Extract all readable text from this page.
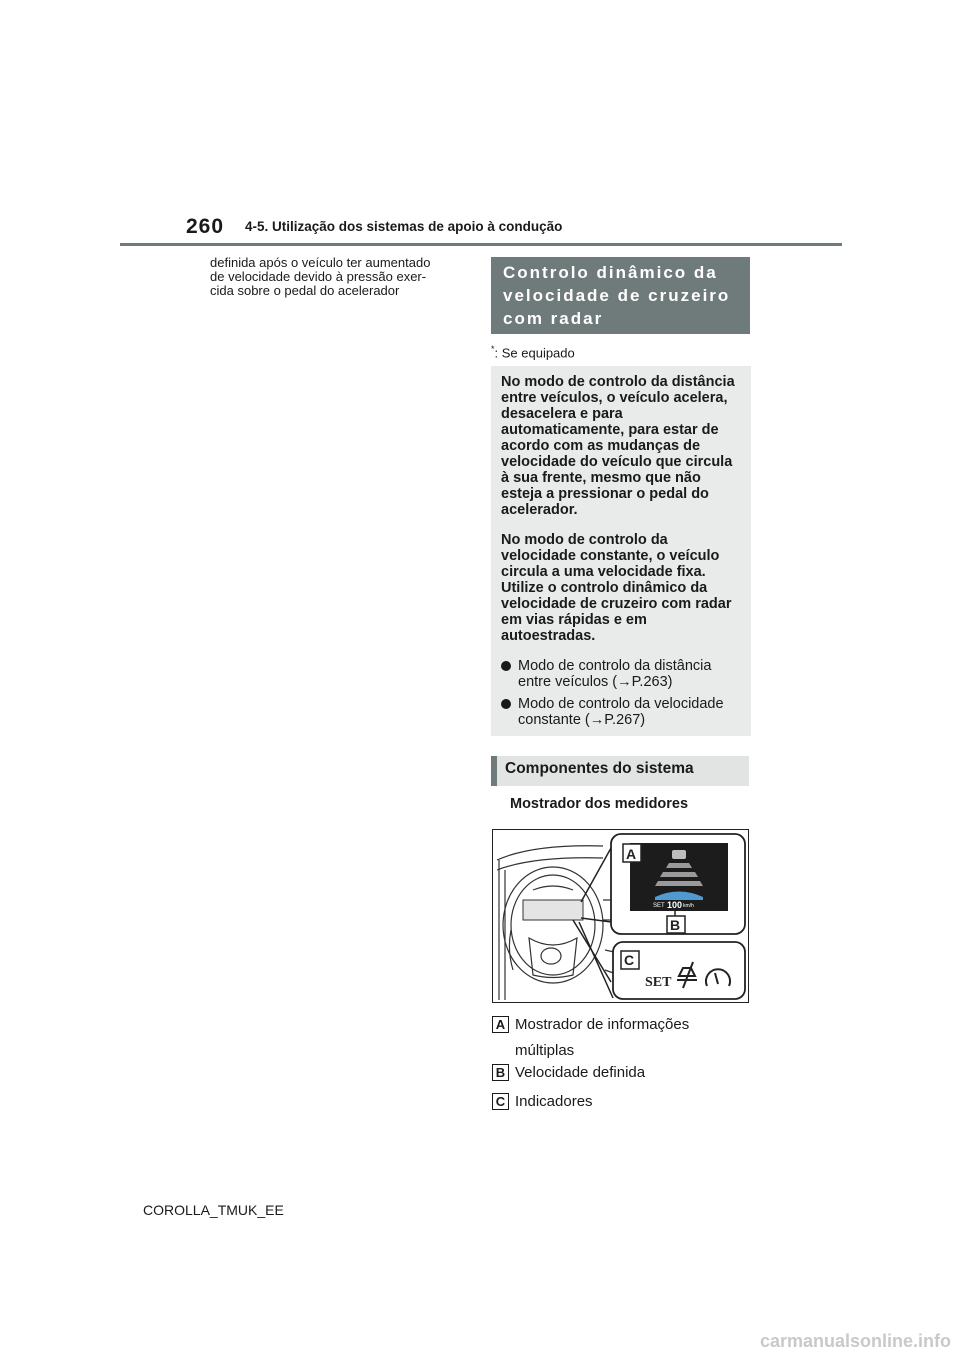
260 4-5. Utilização dos sistemas de apoio à condução
definida após o veículo ter aumentado
de velocidade devido à pressão exer-
cida sobre o pedal do acelerador
Controlo dinâmico da
velocidade de cruzeiro
com radar
*: Se equipado

No modo de controlo da distância entre veículos, o veículo acelera, desacelera e para automaticamente, para estar de acordo com as mudanças de velocidade do veículo que circula à sua frente, mesmo que não esteja a pressionar o pedal do acelerador.

No modo de controlo da velocidade constante, o veículo circula a uma velocidade fixa. Utilize o controlo dinâmico da velocidade de cruzeiro com radar em vias rápidas e em autoestradas.

Modo de controlo da distância entre veículos (→P.263)
Modo de controlo da velocidade constante (→P.267)
Componentes do sistema
Mostrador dos medidores
SET 100 km/h
A
B
C
SET
A Mostrador de informações múltiplas
B Velocidade definida
C Indicadores
COROLLA_TMUK_EE
carmanualsonline.info
